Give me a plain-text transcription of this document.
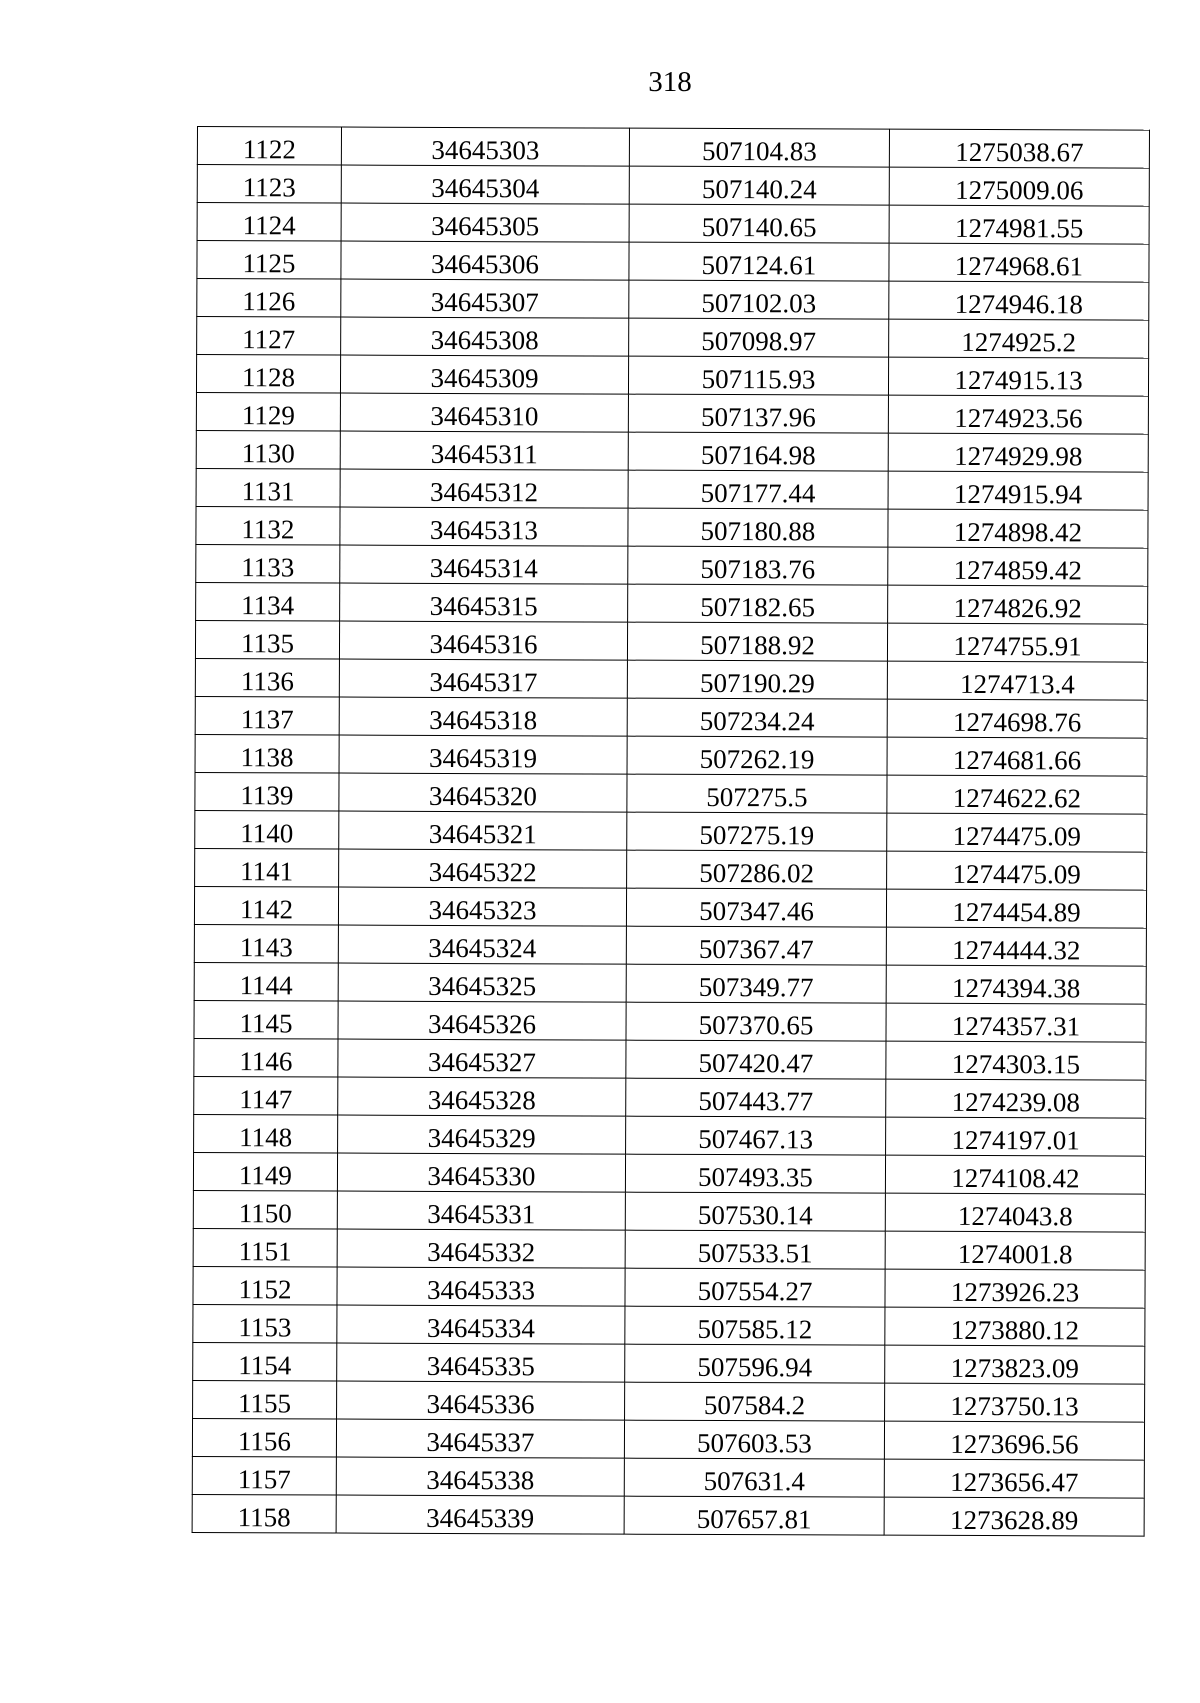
318
1122	34645303	507104.83	1275038.67
1123	34645304	507140.24	1275009.06
1124	34645305	507140.65	1274981.55
1125	34645306	507124.61	1274968.61
1126	34645307	507102.03	1274946.18
1127	34645308	507098.97	1274925.2
1128	34645309	507115.93	1274915.13
1129	34645310	507137.96	1274923.56
1130	34645311	507164.98	1274929.98
1131	34645312	507177.44	1274915.94
1132	34645313	507180.88	1274898.42
1133	34645314	507183.76	1274859.42
1134	34645315	507182.65	1274826.92
1135	34645316	507188.92	1274755.91
1136	34645317	507190.29	1274713.4
1137	34645318	507234.24	1274698.76
1138	34645319	507262.19	1274681.66
1139	34645320	507275.5	1274622.62
1140	34645321	507275.19	1274475.09
1141	34645322	507286.02	1274475.09
1142	34645323	507347.46	1274454.89
1143	34645324	507367.47	1274444.32
1144	34645325	507349.77	1274394.38
1145	34645326	507370.65	1274357.31
1146	34645327	507420.47	1274303.15
1147	34645328	507443.77	1274239.08
1148	34645329	507467.13	1274197.01
1149	34645330	507493.35	1274108.42
1150	34645331	507530.14	1274043.8
1151	34645332	507533.51	1274001.8
1152	34645333	507554.27	1273926.23
1153	34645334	507585.12	1273880.12
1154	34645335	507596.94	1273823.09
1155	34645336	507584.2	1273750.13
1156	34645337	507603.53	1273696.56
1157	34645338	507631.4	1273656.47
1158	34645339	507657.81	1273628.89
